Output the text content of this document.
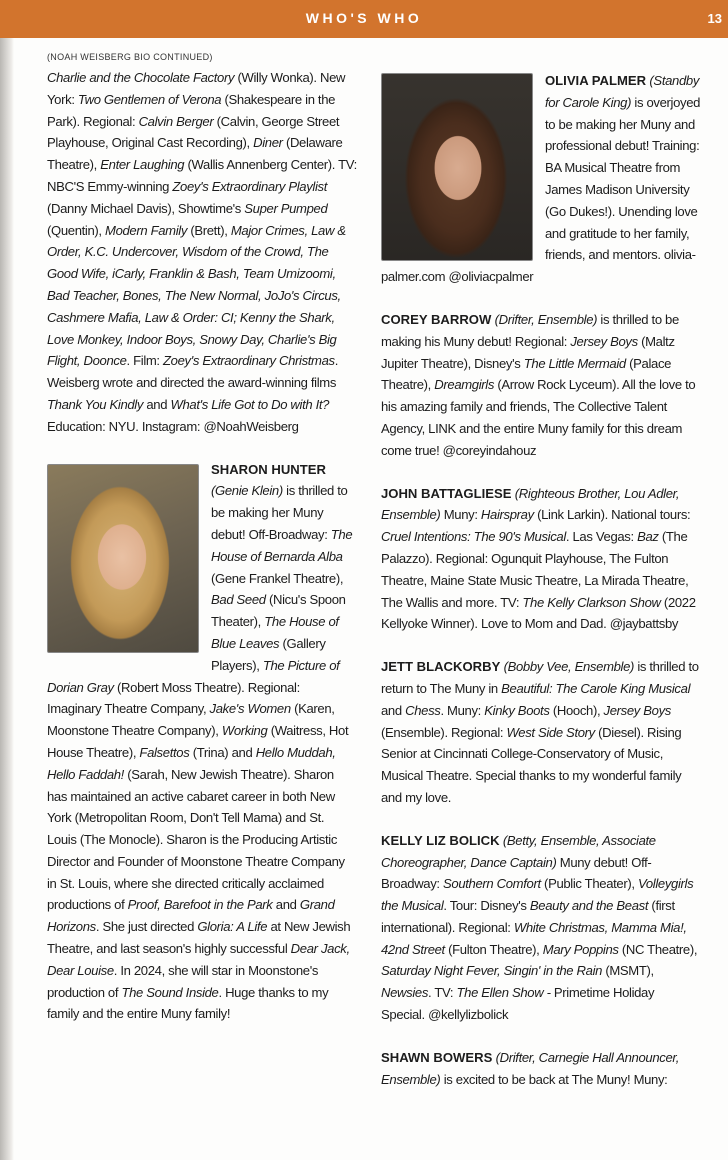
WHO'S WHO	13
(NOAH WEISBERG BIO CONTINUED)

Charlie and the Chocolate Factory (Willy Wonka). New York: Two Gentlemen of Verona (Shakespeare in the Park). Regional: Calvin Berger (Calvin, George Street Playhouse, Original Cast Recording), Diner (Delaware Theatre), Enter Laughing (Wallis Annenberg Center). TV: NBC'S Emmy-winning Zoey's Extraordinary Playlist (Danny Michael Davis), Showtime's Super Pumped (Quentin), Modern Family (Brett), Major Crimes, Law & Order, K.C. Undercover, Wisdom of the Crowd, The Good Wife, iCarly, Franklin & Bash, Team Umizoomi, Bad Teacher, Bones, The New Normal, JoJo's Circus, Cashmere Mafia, Law & Order: CI; Kenny the Shark, Love Monkey, Indoor Boys, Snowy Day, Charlie's Big Flight, Doonce. Film: Zoey's Extraordinary Christmas. Weisberg wrote and directed the award-winning films Thank You Kindly and What's Life Got to Do with It? Education: NYU. Instagram: @NoahWeisberg

SHARON HUNTER (Genie Klein) is thrilled to be making her Muny debut! Off-Broadway: The House of Bernarda Alba (Gene Frankel Theatre), Bad Seed (Nicu's Spoon Theater), The House of Blue Leaves (Gallery Players), The Picture of Dorian Gray (Robert Moss Theatre). Regional: Imaginary Theatre Company, Jake's Women (Karen, Moonstone Theatre Company), Working (Waitress, Hot House Theatre), Falsettos (Trina) and Hello Muddah, Hello Faddah! (Sarah, New Jewish Theatre). Sharon has maintained an active cabaret career in both New York (Metropolitan Room, Don't Tell Mama) and St. Louis (The Monocle). Sharon is the Producing Artistic Director and Founder of Moonstone Theatre Company in St. Louis, where she directed critically acclaimed productions of Proof, Barefoot in the Park and Grand Horizons. She just directed Gloria: A Life at New Jewish Theatre, and last season's highly successful Dear Jack, Dear Louise. In 2024, she will star in Moonstone's production of The Sound Inside. Huge thanks to my family and the entire Muny family!

OLIVIA PALMER (Standby for Carole King) is overjoyed to be making her Muny and professional debut! Training: BA Musical Theatre from James Madison University (Go Dukes!). Unending love and gratitude to her family, friends, and mentors. olivia-palmer.com @oliviacpalmer

COREY BARROW (Drifter, Ensemble) is thrilled to be making his Muny debut! Regional: Jersey Boys (Maltz Jupiter Theatre), Disney's The Little Mermaid (Palace Theatre), Dreamgirls (Arrow Rock Lyceum). All the love to his amazing family and friends, The Collective Talent Agency, LINK and the entire Muny family for this dream come true! @coreyindahouz

JOHN BATTAGLIESE (Righteous Brother, Lou Adler, Ensemble) Muny: Hairspray (Link Larkin). National tours: Cruel Intentions: The 90's Musical. Las Vegas: Baz (The Palazzo). Regional: Ogunquit Playhouse, The Fulton Theatre, Maine State Music Theatre, La Mirada Theatre, The Wallis and more. TV: The Kelly Clarkson Show (2022 Kellyoke Winner). Love to Mom and Dad. @jaybattsby

JETT BLACKORBY (Bobby Vee, Ensemble) is thrilled to return to The Muny in Beautiful: The Carole King Musical and Chess. Muny: Kinky Boots (Hooch), Jersey Boys (Ensemble). Regional: West Side Story (Diesel). Rising Senior at Cincinnati College-Conservatory of Music, Musical Theatre. Special thanks to my wonderful family and my love.

KELLY LIZ BOLICK (Betty, Ensemble, Associate Choreographer, Dance Captain) Muny debut! Off-Broadway: Southern Comfort (Public Theater), Volleygirls the Musical. Tour: Disney's Beauty and the Beast (first international). Regional: White Christmas, Mamma Mia!, 42nd Street (Fulton Theatre), Mary Poppins (NC Theatre), Saturday Night Fever, Singin' in the Rain (MSMT), Newsies. TV: The Ellen Show - Primetime Holiday Special. @kellylizbolick

SHAWN BOWERS (Drifter, Carnegie Hall Announcer, Ensemble) is excited to be back at The Muny! Muny:
